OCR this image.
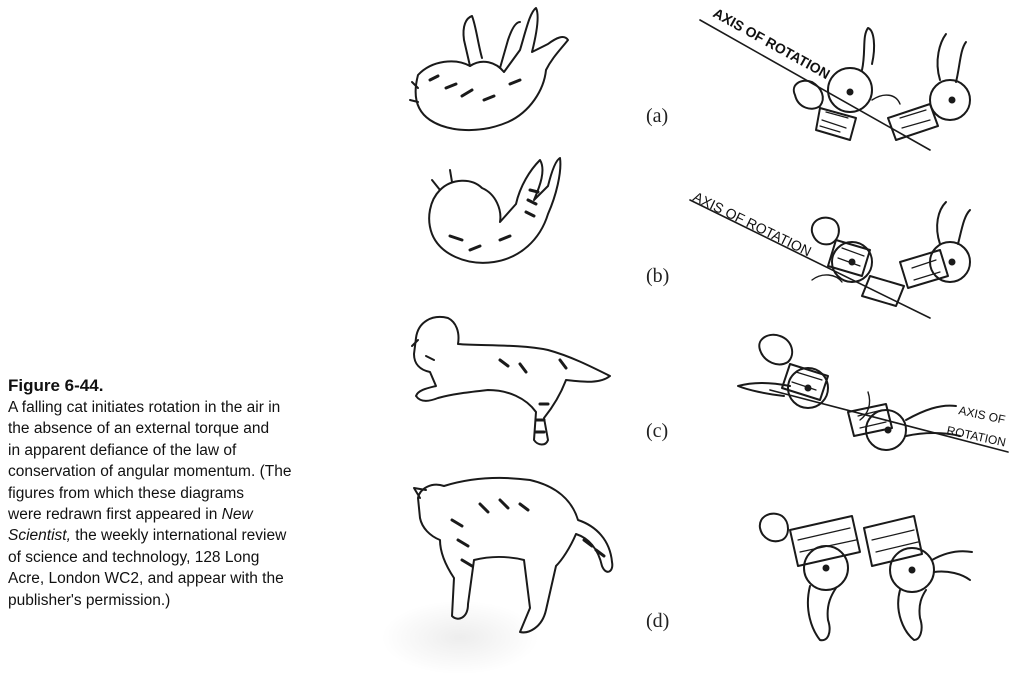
AXIS OF ROTATION
AXIS OF ROTATION
AXIS OF
ROTATION
(a)
(b)
(c)
(d)
Figure 6-44.
A falling cat initiates rotation in the air in
the absence of an external torque and
in apparent defiance of the law of
conservation of angular momentum. (The
figures from which these diagrams
were redrawn first appeared in New
Scientist, the weekly international review
of science and technology, 128 Long
Acre, London WC2, and appear with the
publisher's permission.)
